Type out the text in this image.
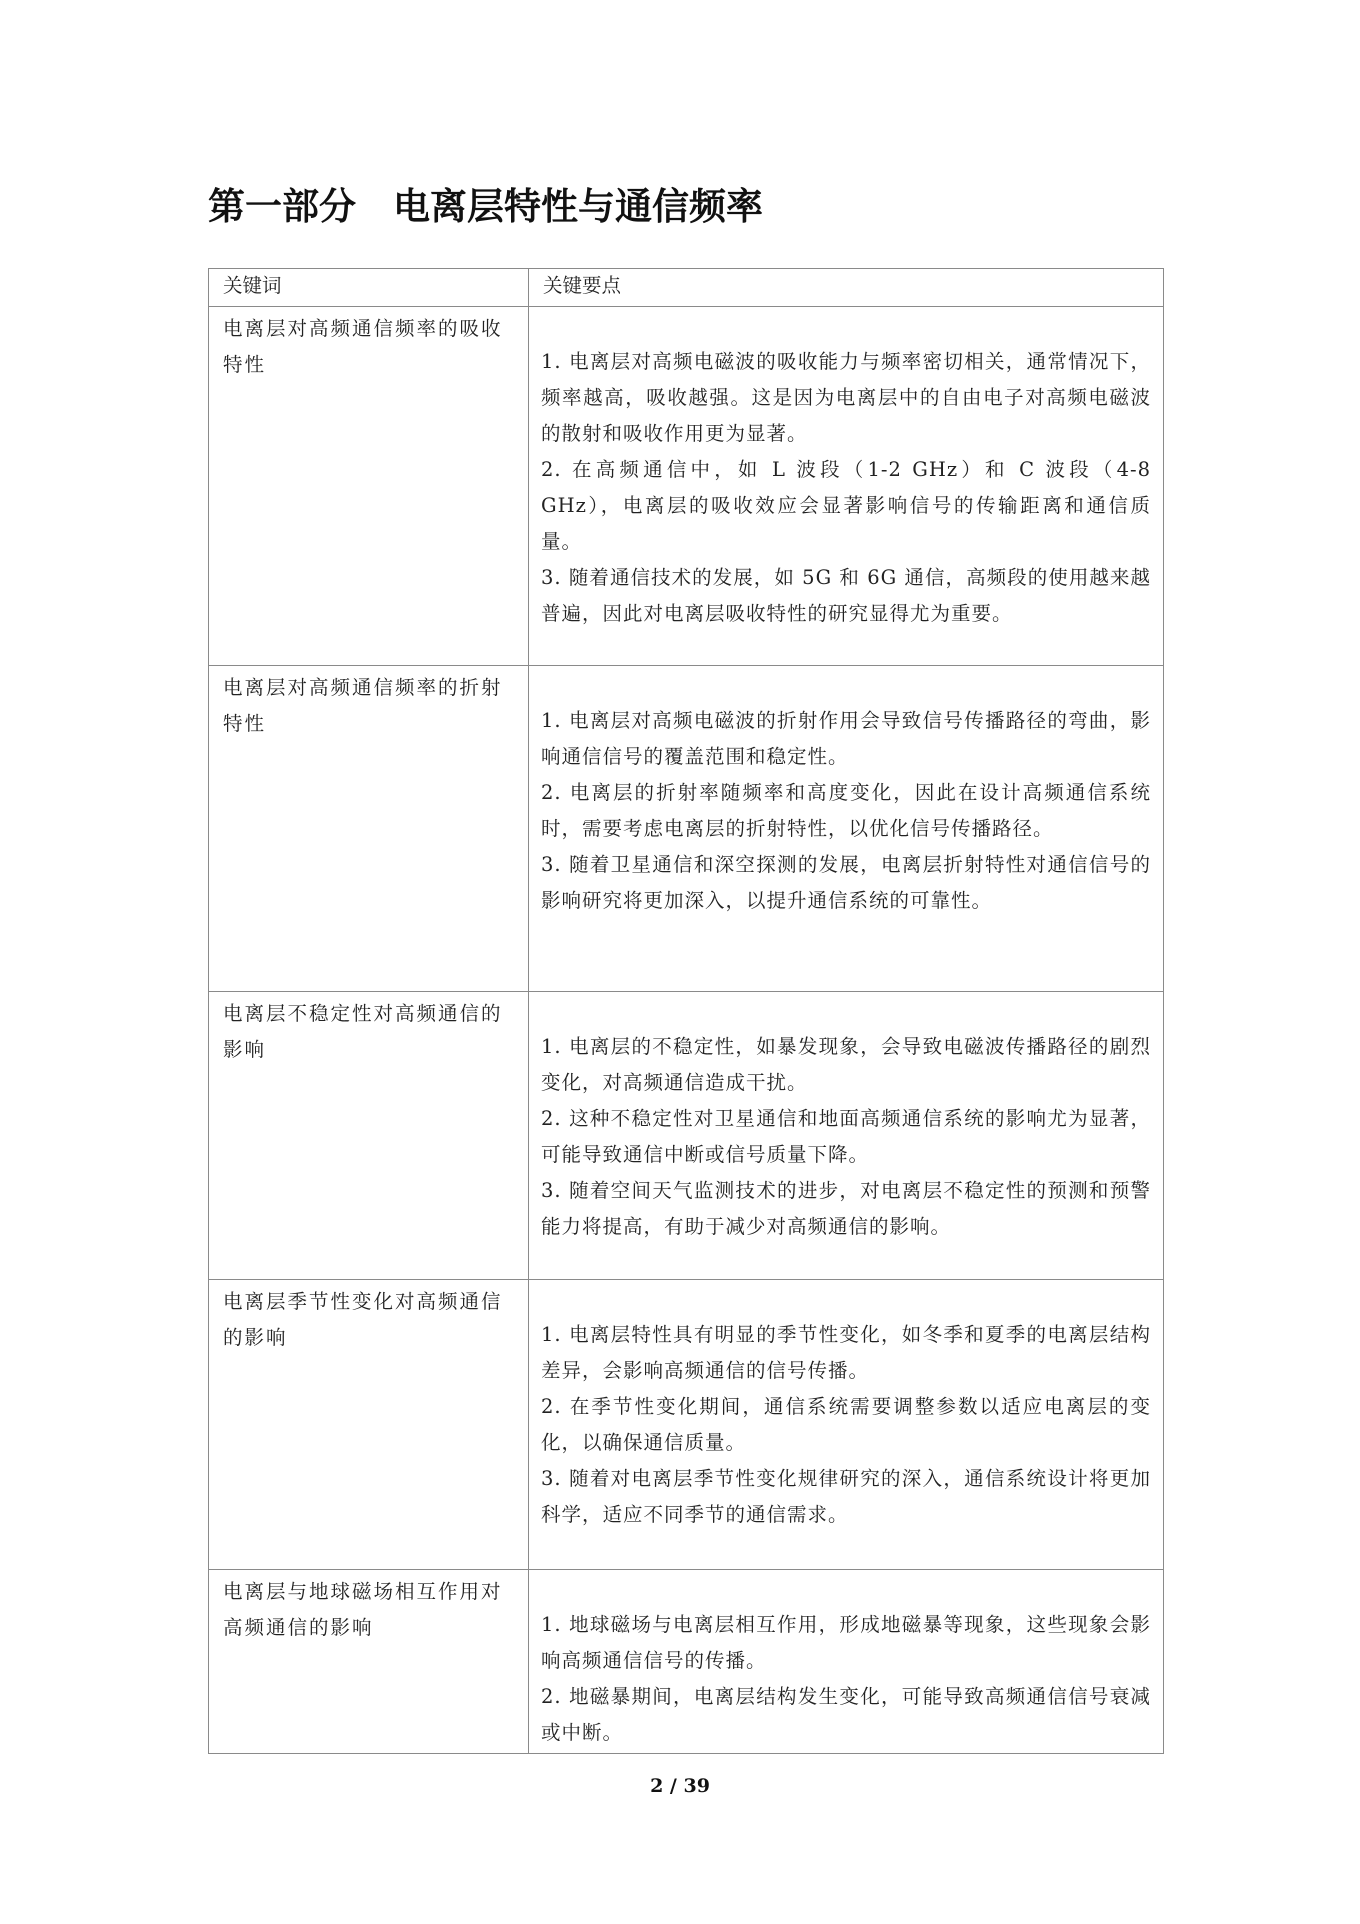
第一部分　电离层特性与通信频率
关键词	关键要点
电离层对高频通信频率的吸收特性	1. 电离层对高频电磁波的吸收能力与频率密切相关，通常情况下，频率越高，吸收越强。这是因为电离层中的自由电子对高频电磁波的散射和吸收作用更为显著。

2. 在高频通信中，如 L 波段（1-2 GHz）和 C 波段（4-8 GHz），电离层的吸收效应会显著影响信号的传输距离和通信质量。

3. 随着通信技术的发展，如 5G 和 6G 通信，高频段的使用越来越普遍，因此对电离层吸收特性的研究显得尤为重要。

电离层对高频通信频率的折射特性	1. 电离层对高频电磁波的折射作用会导致信号传播路径的弯曲，影响通信信号的覆盖范围和稳定性。

2. 电离层的折射率随频率和高度变化，因此在设计高频通信系统时，需要考虑电离层的折射特性，以优化信号传播路径。

3. 随着卫星通信和深空探测的发展，电离层折射特性对通信信号的影响研究将更加深入，以提升通信系统的可靠性。

电离层不稳定性对高频通信的影响	1. 电离层的不稳定性，如暴发现象，会导致电磁波传播路径的剧烈变化，对高频通信造成干扰。

2. 这种不稳定性对卫星通信和地面高频通信系统的影响尤为显著，可能导致通信中断或信号质量下降。

3. 随着空间天气监测技术的进步，对电离层不稳定性的预测和预警能力将提高，有助于减少对高频通信的影响。

电离层季节性变化对高频通信的影响	1. 电离层特性具有明显的季节性变化，如冬季和夏季的电离层结构差异，会影响高频通信的信号传播。

2. 在季节性变化期间，通信系统需要调整参数以适应电离层的变化，以确保通信质量。

3. 随着对电离层季节性变化规律研究的深入，通信系统设计将更加科学，适应不同季节的通信需求。

电离层与地球磁场相互作用对高频通信的影响	1. 地球磁场与电离层相互作用，形成地磁暴等现象，这些现象会影响高频通信信号的传播。

2. 地磁暴期间，电离层结构发生变化，可能导致高频通信信号衰减或中断。

2 / 39
